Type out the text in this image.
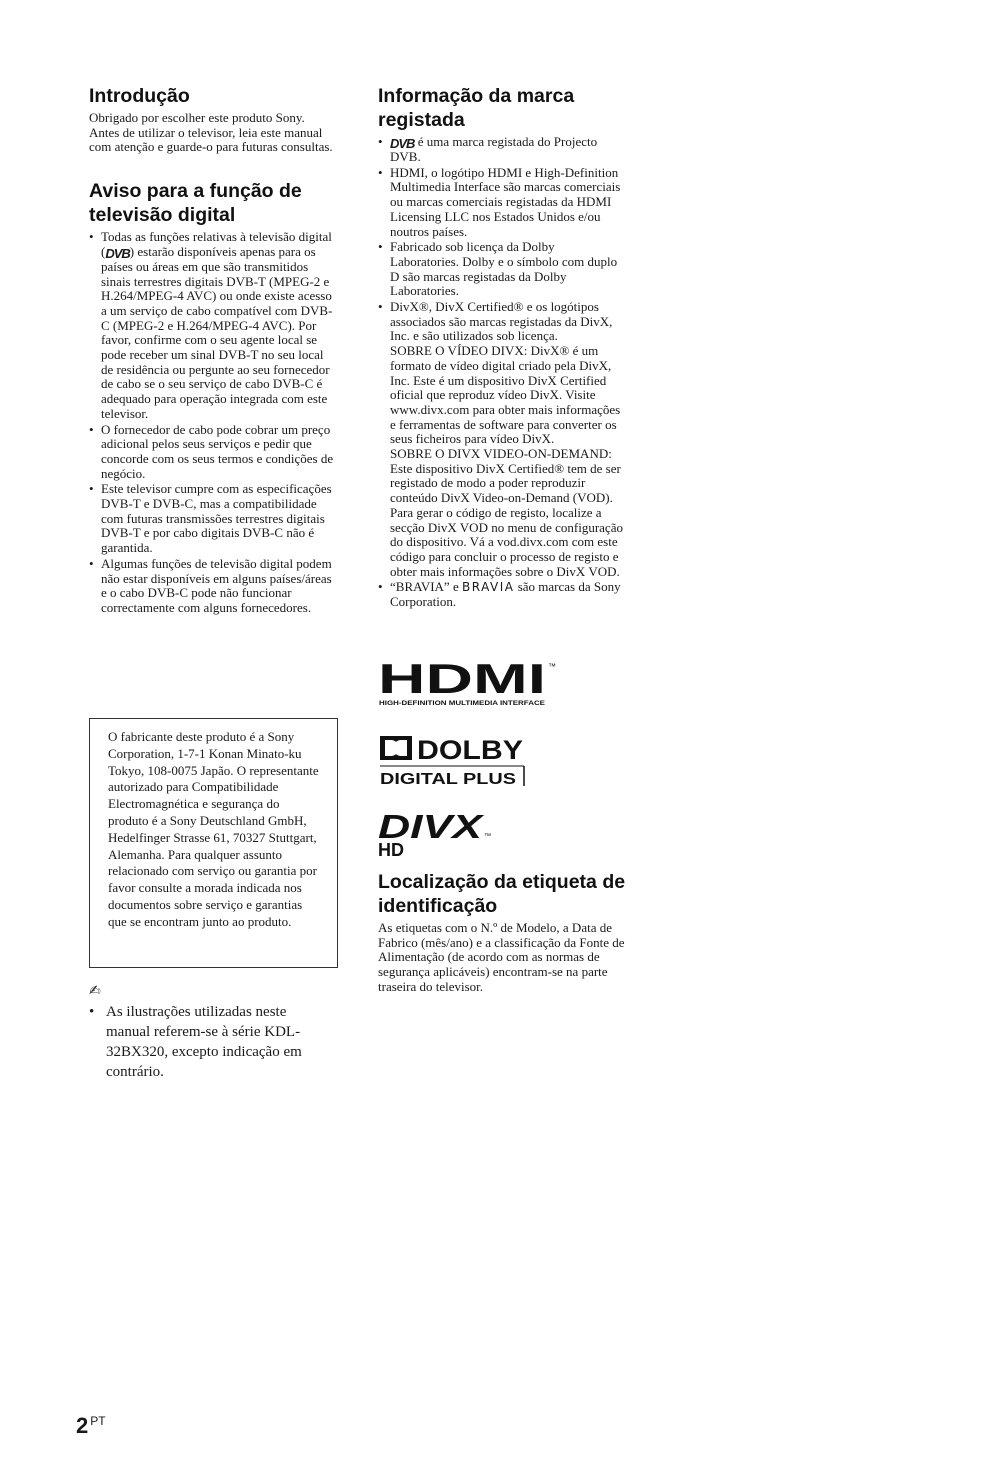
Introdução

Obrigado por escolher este produto Sony. Antes de utilizar o televisor, leia este manual com atenção e guarde-o para futuras consultas.

Aviso para a função de televisão digital
• Todas as funções relativas à televisão digital (DVB) estarão disponíveis apenas para os países ou áreas em que são transmitidos sinais terrestres digitais DVB-T (MPEG-2 e H.264/MPEG-4 AVC) ou onde existe acesso a um serviço de cabo compatível com DVB-C (MPEG-2 e H.264/MPEG-4 AVC). Por favor, confirme com o seu agente local se pode receber um sinal DVB-T no seu local de residência ou pergunte ao seu fornecedor de cabo se o seu serviço de cabo DVB-C é adequado para operação integrada com este televisor.
• O fornecedor de cabo pode cobrar um preço adicional pelos seus serviços e pedir que concorde com os seus termos e condições de negócio.
• Este televisor cumpre com as especificações DVB-T e DVB-C, mas a compatibilidade com futuras transmissões terrestres digitais DVB-T e por cabo digitais DVB-C não é garantida.
• Algumas funções de televisão digital podem não estar disponíveis em alguns países/áreas e o cabo DVB-C pode não funcionar correctamente com alguns fornecedores.
O fabricante deste produto é a Sony Corporation, 1-7-1 Konan Minato-ku Tokyo, 108-0075 Japão. O representante autorizado para Compatibilidade Electromagnética e segurança do produto é a Sony Deutschland GmbH, Hedelfinger Strasse 61, 70327 Stuttgart, Alemanha. Para qualquer assunto relacionado com serviço ou garantia por favor consulte a morada indicada nos documentos sobre serviço e garantias que se encontram junto ao produto.
✍
• As ilustrações utilizadas neste manual referem-se à série KDL-32BX320, excepto indicação em contrário.
Informação da marca registada
• DVB é uma marca registada do Projecto DVB.
• HDMI, o logótipo HDMI e High-Definition Multimedia Interface são marcas comerciais ou marcas comerciais registadas da HDMI Licensing LLC nos Estados Unidos e/ou noutros países.
• Fabricado sob licença da Dolby Laboratories. Dolby e o símbolo com duplo D são marcas registadas da Dolby Laboratories.
• DivX®, DivX Certified® e os logótipos associados são marcas registadas da DivX, Inc. e são utilizados sob licença.
SOBRE O VÍDEO DIVX: DivX® é um formato de vídeo digital criado pela DivX, Inc. Este é um dispositivo DivX Certified oficial que reproduz vídeo DivX. Visite www.divx.com para obter mais informações e ferramentas de software para converter os seus ficheiros para vídeo DivX.
SOBRE O DIVX VIDEO-ON-DEMAND: Este dispositivo DivX Certified® tem de ser registado de modo a poder reproduzir conteúdo DivX Video-on-Demand (VOD). Para gerar o código de registo, localize a secção DivX VOD no menu de configuração do dispositivo. Vá a vod.divx.com com este código para concluir o processo de registo e obter mais informações sobre o DivX VOD.
• “BRAVIA” e BRAVIA são marcas da Sony Corporation.
HDMI ™
HIGH-DEFINITION MULTIMEDIA INTERFACE
DOLBY
DIGITAL PLUS
DIVX ™
HD
Localização da etiqueta de identificação

As etiquetas com o N.º de Modelo, a Data de Fabrico (mês/ano) e a classificação da Fonte de Alimentação (de acordo com as normas de segurança aplicáveis) encontram-se na parte traseira do televisor.

2 $^{PT}$
